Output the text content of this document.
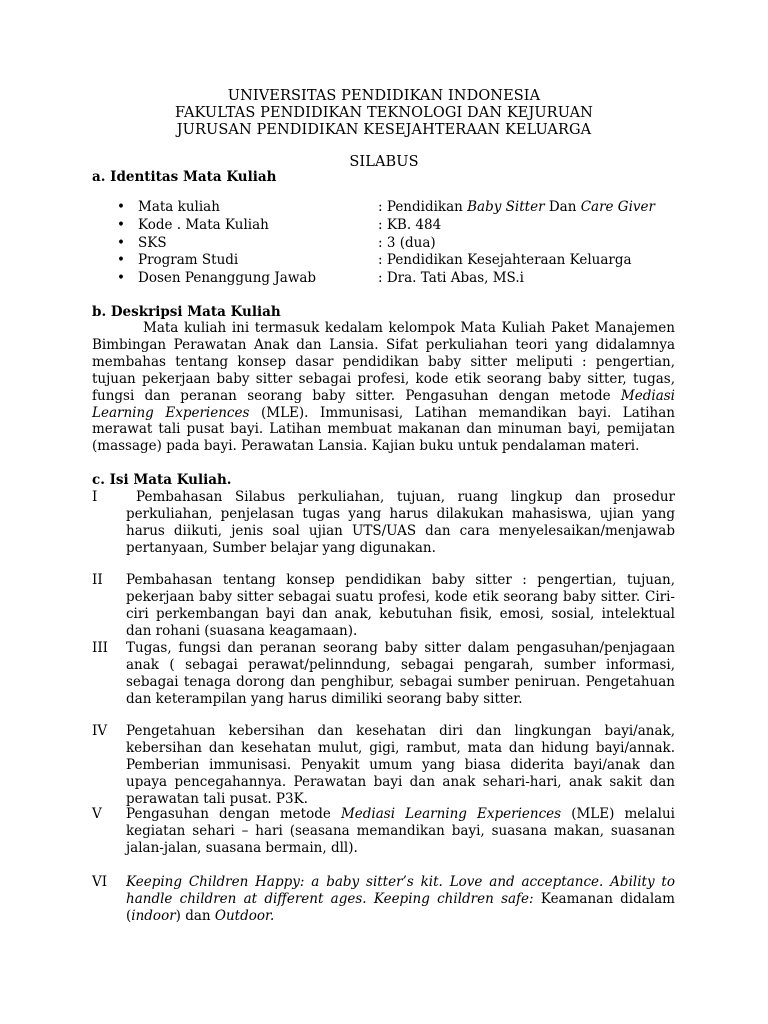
UNIVERSITAS PENDIDIKAN INDONESIA
FAKULTAS PENDIDIKAN TEKNOLOGI DAN KEJURUAN
JURUSAN PENDIDIKAN KESEJAHTERAAN KELUARGA
SILABUS
a. Identitas Mata Kuliah
• Mata kuliah	: Pendidikan Baby Sitter Dan Care Giver
• Kode . Mata Kuliah	: KB. 484
• SKS	: 3 (dua)
• Program Studi	: Pendidikan Kesejahteraan Keluarga
• Dosen Penanggung Jawab	: Dra. Tati Abas, MS.i
b. Deskripsi Mata Kuliah
Mata kuliah ini termasuk kedalam kelompok Mata Kuliah Paket Manajemen Bimbingan Perawatan Anak dan Lansia. Sifat perkuliahan teori yang didalamnya membahas tentang konsep dasar pendidikan baby sitter meliputi : pengertian, tujuan pekerjaan baby sitter sebagai profesi, kode etik seorang baby sitter, tugas, fungsi dan peranan seorang baby sitter. Pengasuhan dengan metode Mediasi Learning Experiences (MLE). Immunisasi, Latihan memandikan bayi. Latihan merawat tali pusat bayi. Latihan membuat makanan dan minuman bayi, pemijatan (massage) pada bayi. Perawatan Lansia. Kajian buku untuk pendalaman materi.
c. Isi Mata Kuliah.
I	Pembahasan Silabus perkuliahan, tujuan, ruang lingkup dan prosedur perkuliahan, penjelasan tugas yang harus dilakukan mahasiswa, ujian yang harus diikuti, jenis soal ujian UTS/UAS dan cara menyelesaikan/menjawab pertanyaan, Sumber belajar yang digunakan.
II Pembahasan tentang konsep pendidikan baby sitter : pengertian, tujuan, pekerjaan baby sitter sebagai suatu profesi, kode etik seorang baby sitter. Ciri-ciri perkembangan bayi dan anak, kebutuhan fisik, emosi, sosial, intelektual dan rohani (suasana keagamaan).
III Tugas, fungsi dan peranan seorang baby sitter dalam pengasuhan/penjagaan anak ( sebagai perawat/pelinndung, sebagai pengarah, sumber informasi, sebagai tenaga dorong dan penghibur, sebagai sumber peniruan. Pengetahuan dan keterampilan yang harus dimiliki seorang baby sitter.
IV Pengetahuan kebersihan dan kesehatan diri dan lingkungan bayi/anak, kebersihan dan kesehatan mulut, gigi, rambut, mata dan hidung bayi/annak. Pemberian immunisasi. Penyakit umum yang biasa diderita bayi/anak dan upaya pencegahannya. Perawatan bayi dan anak sehari-hari, anak sakit dan perawatan tali pusat. P3K.
V Pengasuhan dengan metode Mediasi Learning Experiences (MLE) melalui kegiatan sehari – hari (seasana memandikan bayi, suasana makan, suasanan jalan-jalan, suasana bermain, dll).
VI Keeping Children Happy: a baby sitter’s kit. Love and acceptance. Ability to handle children at different ages. Keeping children safe: Keamanan didalam (indoor) dan Outdoor.
